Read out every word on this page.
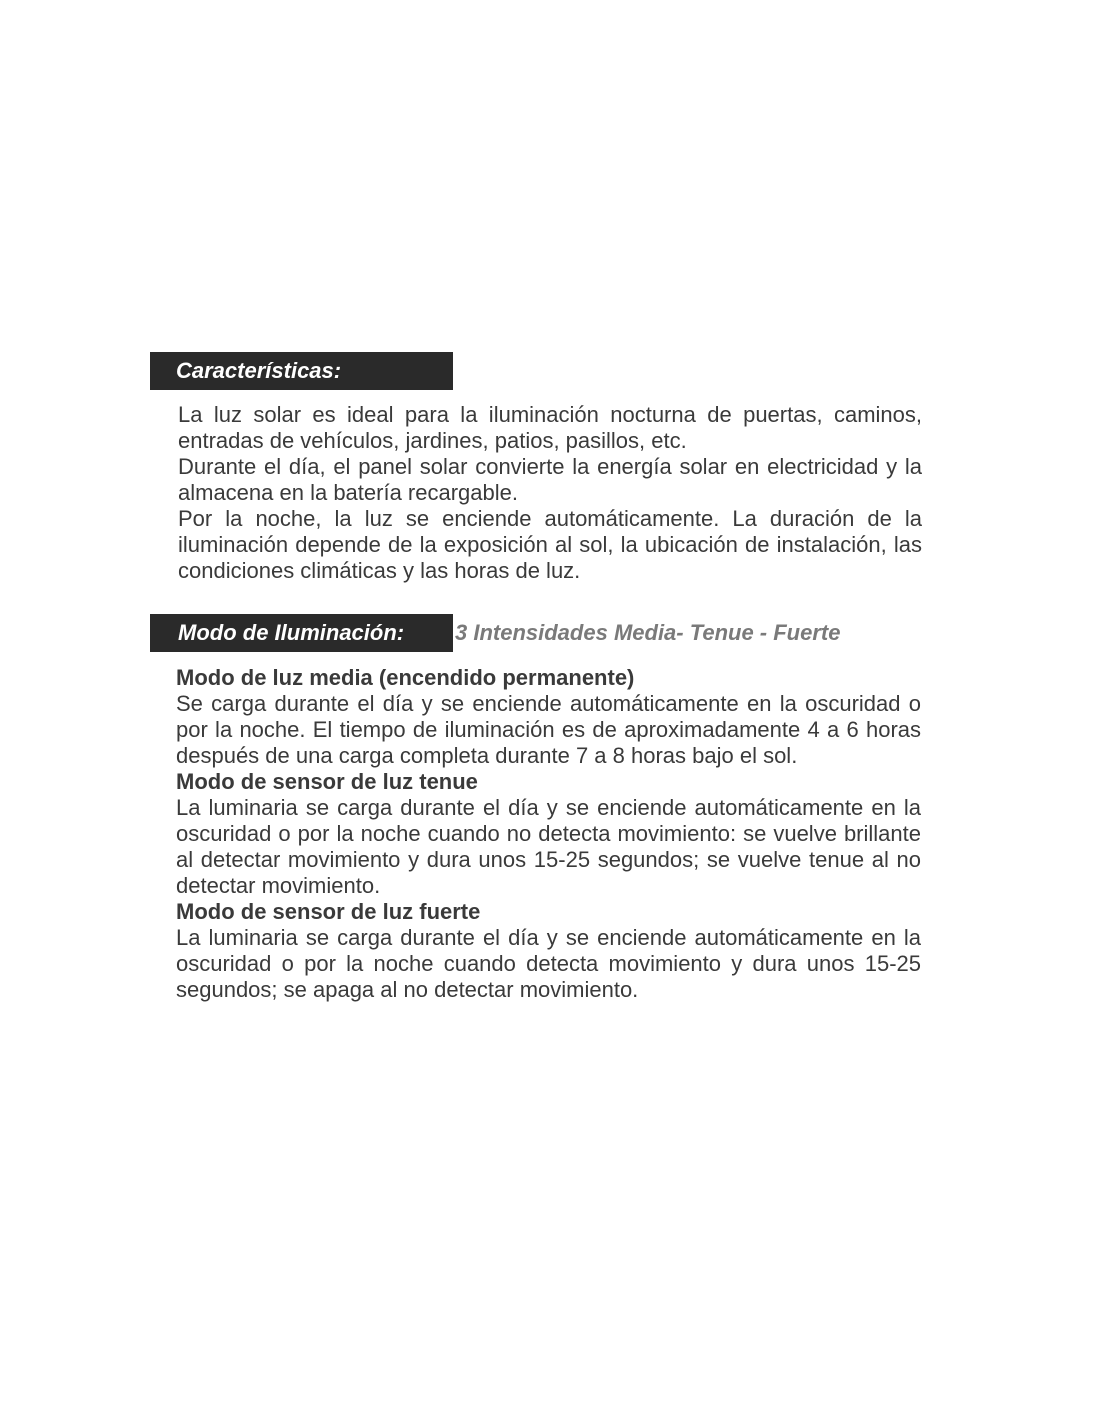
Características:

La luz solar es ideal para la iluminación nocturna de puertas, caminos, entradas de vehículos, jardines, patios, pasillos, etc.

Durante el día, el panel solar convierte la energía solar en electricidad y la almacena en la batería recargable.

Por la noche, la luz se enciende automáticamente. La duración de la iluminación depende de la exposición al sol, la ubicación de instalación, las condiciones climáticas y las horas de luz.

Modo de Iluminación:	3 Intensidades Media- Tenue - Fuerte

Modo de luz media (encendido permanente)

Se carga durante el día y se enciende automáticamente en la oscuridad o por la noche. El tiempo de iluminación es de aproximadamente 4 a 6 horas después de una carga completa durante 7 a 8 horas bajo el sol.

Modo de sensor de luz tenue

La luminaria se carga durante el día y se enciende automáticamente en la oscuridad o por la noche cuando no detecta movimiento: se vuelve brillante al detectar movimiento y dura unos 15-25 segundos; se vuelve tenue al no detectar movimiento.

Modo de sensor de luz fuerte

La luminaria se carga durante el día y se enciende automáticamente en la oscuridad o por la noche cuando detecta movimiento y dura unos 15-25 segundos; se apaga al no detectar movimiento.
